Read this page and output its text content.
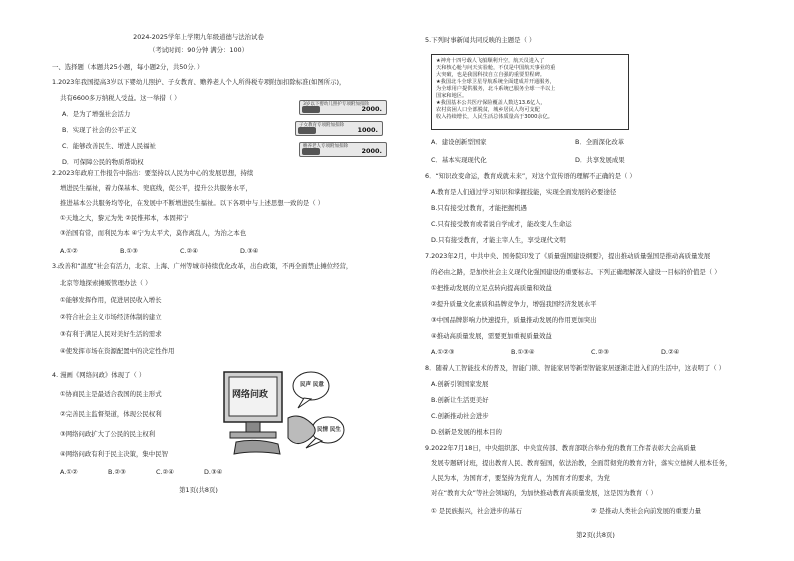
2024-2025学年上学期九年级道德与法治试卷
（考试时间：90分钟 满分：100）
一、选择题（本题共25小题，每小题2分，共50分．）
1.2023年我国提高3岁以下婴幼儿照护、子女教育、赡养老人个人所得税专项附加扣除标准(如图所示)，
共有6600多万纳税人受益。这一举措（ ）
A．是为了增强社会活力
B．实现了社会的公平正义
C．能够改善民生、增进人民福祉
D．可保障公民的物质帮助权
3岁以下婴幼儿照护专项附加扣除
2000.
子女教育专项附加扣除
1000.
赡养老人专项附加扣除
2000.
2.2023年政府工作报告中指出：要坚持以人民为中心的发展思想，持续
增进民生福祉，着力保基本、兜底线，促公平，提升公共服务水平，
推进基本公共服务均等化，在发展中不断增进民生福祉。以下各项中与上述思想一致的是（ ）
①天地之大，黎元为先 ②民惟邦本，本固邦宁
③治国有常，而利民为本 ④宁为太平犬，莫作离乱人，为治之本也
A.①②	B.①③	C.②④	D.③④
3.改善和“温度”社会有活力，北京、上海、广州等城市持续优化改革，出台政策，不再全面禁止摊位经营，
北京等地探索摊贩管理办法（ ）
①能够发挥作用，促进居民收入增长
②符合社会主义市场经济体制的建立
③有利于满足人民对美好生活的需求
④使发挥市场在资源配置中的决定性作用
4. 漫画《网络问政》体现了（ ）
①协商民主是最适合我国的民主形式
②完善民主监督渠道，体现公民权利
③网络问政扩大了公民的民主权利
④网络问政有利于民主决策，集中民智
A.①②	B.②③	C.②④	D.③④
网络问政
民声 民意
民情 民生
第1页(共8页)
5.下列时事新闻共同反映的主题是（ ）
★神舟十四号载人飞船顺利升空，航天员进入了
天和核心舱与问天实验舱，不仅是中国航天事业的重
大突破，也是我国科技自立自强的重要里程碑。
★我国北斗全球卫星导航系统全面建成并开通服务，
为全球用户提供服务，北斗系统已服务全球一半以上
国家和地区。
★我国基本公共医疗保险覆盖人数达13.6亿人，
农村贫困人口全部脱贫，城乡居民人均可支配
收入持续增长，人民生活总体质量高于3000余亿。
A．建设创新型国家	B．全面深化改革
C．基本实现现代化	D．共享发展成果
6．“知识改变命运，教育成就未来”，对这个宣传语的理解不正确的是（ ）
A.教育是人们通过学习知识和掌握技能，实现全面发展的必要途径
B.只有接受过教育，才能把握机遇
C.只有接受教育或者说自学成才，能改变人生命运
D.只有接受教育，才能主宰人生，享受现代文明
7.2023年2月，中共中央、国务院印发了《质量强国建设纲要》，提出推动质量强国是推动高质量发展
的必由之路，是加快社会主义现代化强国建设的重要标志。下列正确理解深入建设一目标的价值是（ ）
①把推动发展的立足点转向提高质量和效益
②提升质量文化素质和品牌竞争力，增强我国经济发展水平
③中国品牌影响力快速提升，质量推动发展的作用更加突出
④推动高质量发展，需要更加重视质量效益
A.①②③	B.①③④	C.②③	D.②④
8．随着人工智能技术的普及，智能门锁、智能家居等新型智能家居逐渐走进入们的生活中，这表明了（ ）
A.创新引领国家发展
B.创新让生活更美好
C.创新推动社会进步
D.创新是发展的根本目的
9.2022年7月18日，中央组织部、中央宣传部、教育部联合举办党的教育工作者表彰大会高质量
发展专题研讨班，提出教育人民、教育强国，依法治教，全面贯彻党的教育方针，落实立德树人根本任务，
人民为本，为国育才，要坚持为党育人，为国育才的要求，为党
对在“教育大众”等社会领域的，为加快推动教育高质量发展，这是因为教育（ ）
① 是民族振兴，社会进步的基石	② 是推动人类社会向前发展的重要力量
第2页(共8页)
